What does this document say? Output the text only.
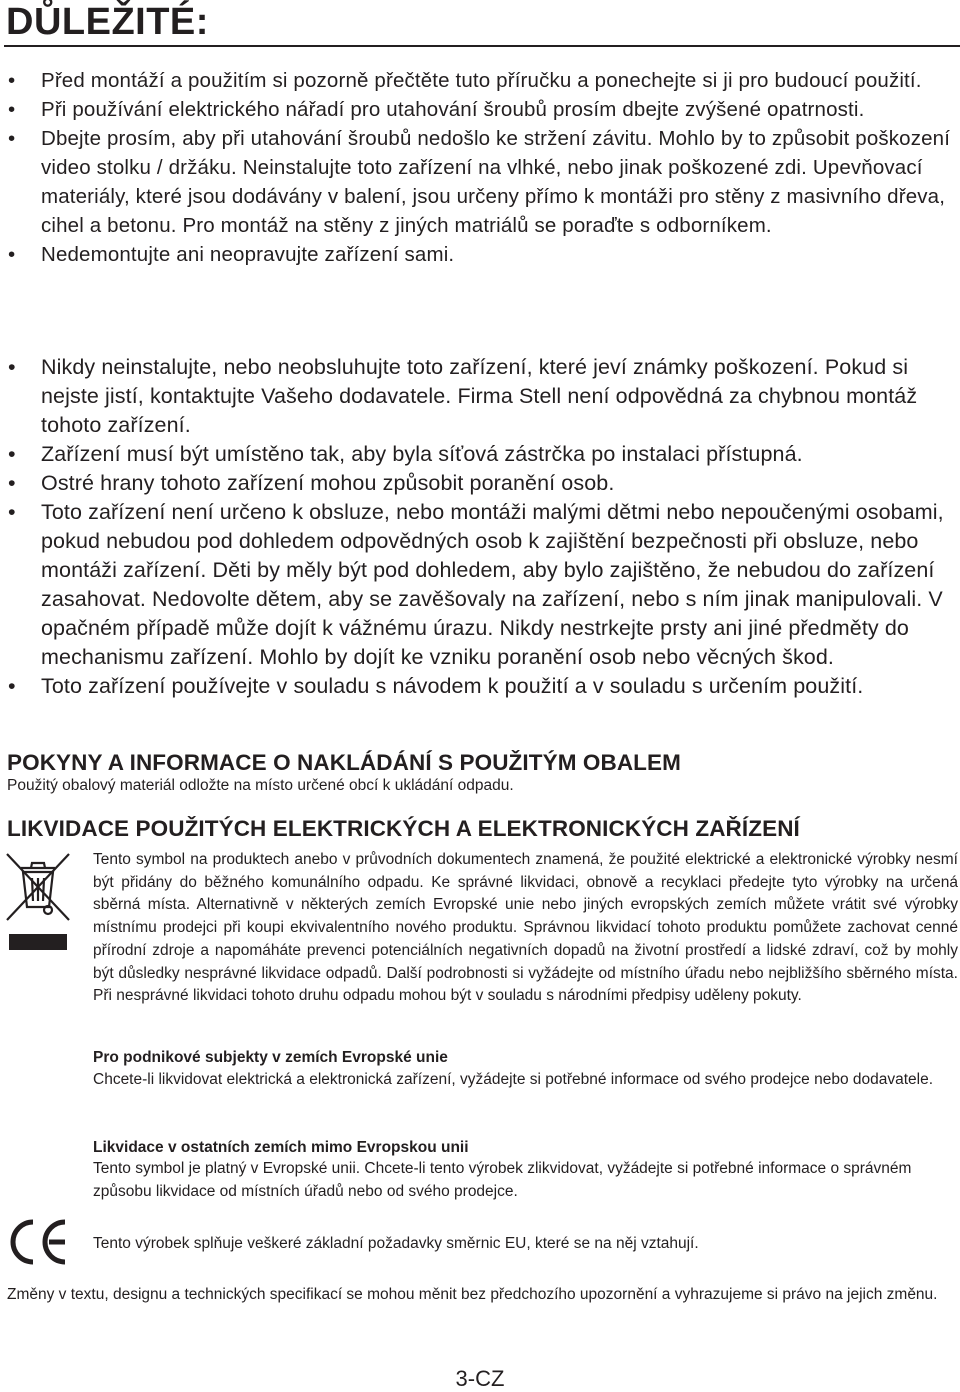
DŮLEŽITÉ:
• Před montáží a použitím si pozorně přečtěte tuto příručku a ponechejte si ji pro budoucí použití.
• Při používání elektrického nářadí pro utahování šroubů prosím dbejte zvýšené opatrnosti.
• Dbejte prosím, aby při utahování šroubů nedošlo ke stržení závitu. Mohlo by to způsobit poškození video stolku / držáku. Neinstalujte toto zařízení na vlhké, nebo jinak poškozené zdi. Upevňovací materiály, které jsou dodávány v balení, jsou určeny přímo k montáži pro stěny z masivního dřeva, cihel a betonu. Pro montáž na stěny z jiných matriálů se poraďte s odborníkem.
• Nedemontujte ani neopravujte zařízení sami.
• Nikdy neinstalujte, nebo neobsluhujte toto zařízení, které jeví známky poškození. Pokud si nejste jistí, kontaktujte Vašeho dodavatele. Firma Stell není odpovědná za chybnou montáž tohoto zařízení.
• Zařízení musí být umístěno tak, aby byla síťová zástrčka po instalaci přístupná.
• Ostré hrany tohoto zařízení mohou způsobit poranění osob.
• Toto zařízení není určeno k obsluze, nebo montáži malými dětmi nebo nepoučenými osobami, pokud nebudou pod dohledem odpovědných osob k zajištění bezpečnosti při obsluze, nebo montáži zařízení. Děti by měly být pod dohledem, aby bylo zajištěno, že nebudou do zařízení zasahovat. Nedovolte dětem, aby se zavěšovaly na zařízení, nebo s ním jinak manipulovali. V opačném případě může dojít k vážnému úrazu. Nikdy nestrkejte prsty ani jiné předměty do mechanismu zařízení. Mohlo by dojít ke vzniku poranění osob nebo věcných škod.
• Toto zařízení používejte v souladu s návodem k použití a v souladu s určením použití.
POKYNY A INFORMACE O NAKLÁDÁNÍ S POUŽITÝM OBALEM
Použitý obalový materiál odložte na místo určené obcí k ukládání odpadu.
LIKVIDACE POUŽITÝCH ELEKTRICKÝCH A ELEKTRONICKÝCH ZAŘÍZENÍ
Tento symbol na produktech anebo v průvodních dokumentech znamená, že použité elektrické a elektronické výrobky nesmí být přidány do běžného komunálního odpadu. Ke správné likvidaci, obnově a recyklaci předejte tyto výrobky na určená sběrná místa. Alternativně v některých zemích Evropské unie nebo jiných evropských zemích můžete vrátit své výrobky místnímu prodejci při koupi ekvivalentního nového produktu. Správnou likvidací tohoto produktu pomůžete zachovat cenné přírodní zdroje a napomáháte prevenci potenciálních negativních dopadů na životní prostředí a lidské zdraví, což by mohly být důsledky nesprávné likvidace odpadů. Další podrobnosti si vyžádejte od místního úřadu nebo nejbližšího sběrného místa. Při nesprávné likvidaci tohoto druhu odpadu mohou být v souladu s národními předpisy uděleny pokuty.
Pro podnikové subjekty v zemích Evropské unie
Chcete-li likvidovat elektrická a elektronická zařízení, vyžádejte si potřebné informace od svého prodejce nebo dodavatele.
Likvidace v ostatních zemích mimo Evropskou unii
Tento symbol je platný v Evropské unii. Chcete-li tento výrobek zlikvidovat, vyžádejte si potřebné informace o správném způsobu likvidace od místních úřadů nebo od svého prodejce.
Tento výrobek splňuje veškeré základní požadavky směrnic EU, které se na něj vztahují.
Změny v textu, designu a technických specifikací se mohou měnit bez předchozího upozornění a vyhrazujeme si právo na jejich změnu.
3-CZ
